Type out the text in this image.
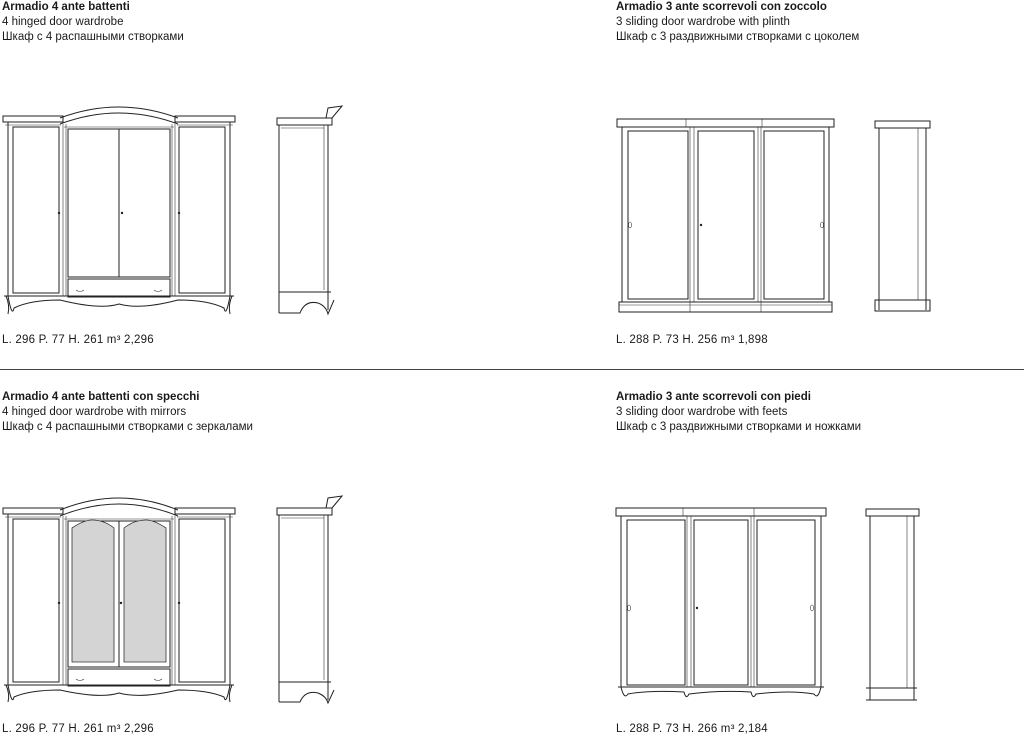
Armadio 4 ante battenti
4 hinged door wardrobe
Шкаф с 4 распашными створками
Armadio 3 ante scorrevoli con zoccolo
3 sliding door wardrobe with plinth
Шкаф с 3 раздвижными створками с цоколем
Armadio 4 ante battenti con specchi
4 hinged door wardrobe with mirrors
Шкаф с 4 распашными створками с зеркалами
Armadio 3 ante scorrevoli con piedi
3 sliding door wardrobe with feets
Шкаф с 3 раздвижными створками и ножками
L. 296 P. 77 H. 261 m³ 2,296	L. 288 P. 73 H. 256 m³ 1,898
L. 296 P. 77 H. 261 m³ 2,296	L. 288 P. 73 H. 266 m³ 2,184
